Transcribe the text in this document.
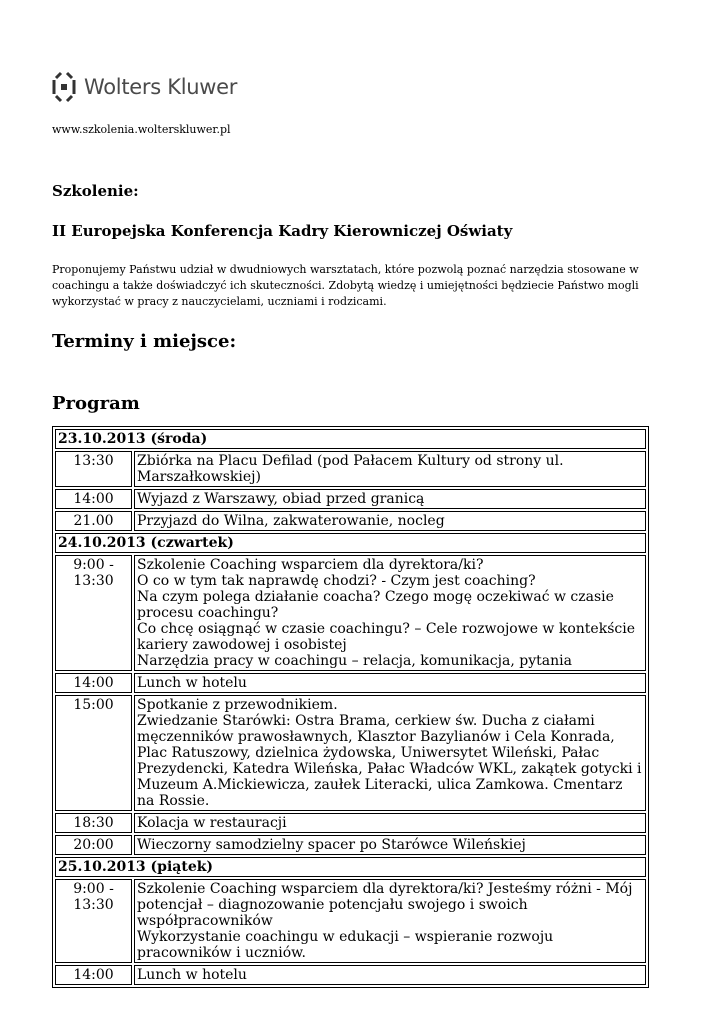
Wolters Kluwer
www.szkolenia.wolterskluwer.pl
Szkolenie:
II Europejska Konferencja Kadry Kierowniczej Oświaty

Proponujemy Państwu udział w dwudniowych warsztatach, które pozwolą poznać narzędzia stosowane w coachingu a także doświadczyć ich skuteczności. Zdobytą wiedzę i umiejętności będziecie Państwo mogli wykorzystać w pracy z nauczycielami, uczniami i rodzicami.

Terminy i miejsce:
Program
23.10.2013 (środa)	
13:30	Zbiórka na Placu Defilad (pod Pałacem Kultury od strony ul. Marszałkowskiej)

14:00	Wyjazd z Warszawy, obiad przed granicą

21.00	Przyjazd do Wilna, zakwaterowanie, nocleg

24.10.2013 (czwartek)	
9:00 - 13:30	Szkolenie Coaching wsparciem dla dyrektora/ki?
O co w tym tak naprawdę chodzi? - Czym jest coaching?
Na czym polega działanie coacha? Czego mogę oczekiwać w czasie procesu coachingu?
Co chcę osiągnąć w czasie coachingu? – Cele rozwojowe w kontekście kariery zawodowej i osobistej
Narzędzia pracy w coachingu – relacja, komunikacja, pytania

14:00	Lunch w hotelu

15:00	Spotkanie z przewodnikiem.
Zwiedzanie Starówki: Ostra Brama, cerkiew św. Ducha z ciałami męczenników prawosławnych, Klasztor Bazylianów i Cela Konrada, Plac Ratuszowy, dzielnica żydowska, Uniwersytet Wileński, Pałac Prezydencki, Katedra Wileńska, Pałac Władców WKL, zakątek gotycki i Muzeum A.Mickiewicza, zaułek Literacki, ulica Zamkowa. Cmentarz na Rossie.

18:30	Kolacja w restauracji

20:00	Wieczorny samodzielny spacer po Starówce Wileńskiej

25.10.2013 (piątek)	
9:00 - 13:30	Szkolenie Coaching wsparciem dla dyrektora/ki? Jesteśmy różni - Mój potencjał – diagnozowanie potencjału swojego i swoich współpracowników
Wykorzystanie coachingu w edukacji – wspieranie rozwoju pracowników i uczniów.

14:00	Lunch w hotelu
